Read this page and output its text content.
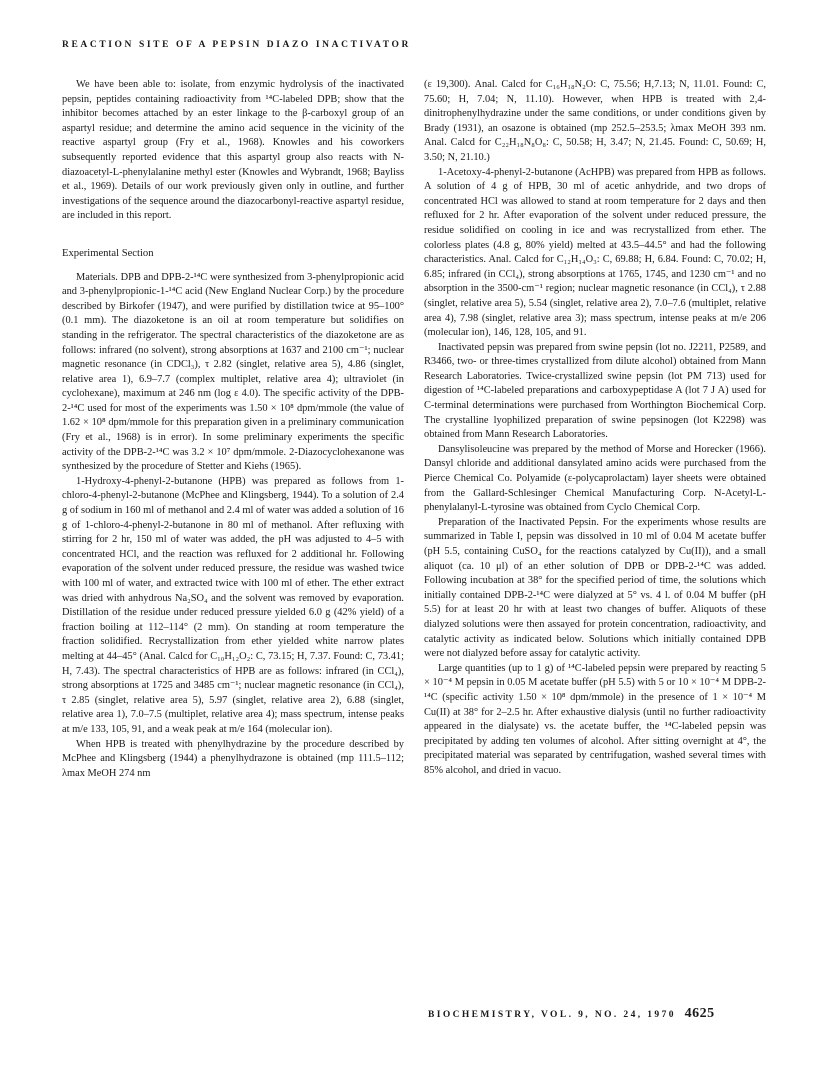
REACTION SITE OF A PEPSIN DIAZO INACTIVATOR

We have been able to: isolate, from enzymic hydrolysis of the inactivated pepsin, peptides containing radioactivity from ¹⁴C-labeled DPB; show that the inhibitor becomes attached by an ester linkage to the β-carboxyl group of an aspartyl residue; and determine the amino acid sequence in the vicinity of the reactive aspartyl group (Fry et al., 1968). Knowles and his coworkers subsequently reported evidence that this aspartyl group also reacts with N-diazoacetyl-L-phenylalanine methyl ester (Knowles and Wybrandt, 1968; Bayliss et al., 1969). Details of our work previously given only in outline, and further investigations of the sequence around the diazocarbonyl-reactive aspartyl residue, are included in this report.

Experimental Section

Materials. DPB and DPB-2-¹⁴C were synthesized from 3-phenylpropionic acid and 3-phenylpropionic-1-¹⁴C acid (New England Nuclear Corp.) by the procedure described by Birkofer (1947), and were purified by distillation twice at 95–100° (0.1 mm). The diazoketone is an oil at room temperature but solidifies on standing in the refrigerator. The spectral characteristics of the diazoketone are as follows: infrared (no solvent), strong absorptions at 1637 and 2100 cm⁻¹; nuclear magnetic resonance (in CDCl₃), τ 2.82 (singlet, relative area 5), 4.86 (singlet, relative area 1), 6.9–7.7 (complex multiplet, relative area 4); ultraviolet (in cyclohexane), maximum at 246 nm (log ε 4.0). The specific activity of the DPB-2-¹⁴C used for most of the experiments was 1.50 × 10⁸ dpm/mmole (the value of 1.62 × 10⁸ dpm/mmole for this preparation given in a preliminary communication (Fry et al., 1968) is in error). In some preliminary experiments the specific activity of the DPB-2-¹⁴C was 3.2 × 10⁷ dpm/mmole. 2-Diazocyclohexanone was synthesized by the procedure of Stetter and Kiehs (1965).

1-Hydroxy-4-phenyl-2-butanone (HPB) was prepared as follows from 1-chloro-4-phenyl-2-butanone (McPhee and Klingsberg, 1944). To a solution of 2.4 g of sodium in 160 ml of methanol and 2.4 ml of water was added a solution of 16 g of 1-chloro-4-phenyl-2-butanone in 80 ml of methanol. After refluxing with stirring for 2 hr, 150 ml of water was added, the pH was adjusted to 4–5 with concentrated HCl, and the reaction was refluxed for 2 additional hr. Following evaporation of the solvent under reduced pressure, the residue was washed twice with 100 ml of water, and extracted twice with 100 ml of ether. The ether extract was dried with anhydrous Na₂SO₄ and the solvent was removed by evaporation. Distillation of the residue under reduced pressure yielded 6.0 g (42% yield) of a fraction boiling at 112–114° (2 mm). On standing at room temperature the fraction solidified. Recrystallization from ether yielded white narrow plates melting at 44–45° (Anal. Calcd for C₁₀H₁₂O₂: C, 73.15; H, 7.37. Found: C, 73.41; H, 7.43). The spectral characteristics of HPB are as follows: infrared (in CCl₄), strong absorptions at 1725 and 3485 cm⁻¹; nuclear magnetic resonance (in CCl₄), τ 2.85 (singlet, relative area 5), 5.97 (singlet, relative area 2), 6.88 (singlet, relative area 1), 7.0–7.5 (multiplet, relative area 4); mass spectrum, intense peaks at m/e 133, 105, 91, and a weak peak at m/e 164 (molecular ion).

When HPB is treated with phenylhydrazine by the procedure described by McPhee and Klingsberg (1944) a phenylhydrazone is obtained (mp 111.5–112; λmax MeOH 274 nm

(ε 19,300). Anal. Calcd for C₁₆H₁₈N₂O: C, 75.56; H,7.13; N, 11.01. Found: C, 75.60; H, 7.04; N, 11.10). However, when HPB is treated with 2,4-dinitrophenylhydrazine under the same conditions, or under conditions given by Brady (1931), an osazone is obtained (mp 252.5–253.5; λmax MeOH 393 nm. Anal. Calcd for C₂₂H₁₈N₈O₈: C, 50.58; H, 3.47; N, 21.45. Found: C, 50.69; H, 3.50; N, 21.10.)

1-Acetoxy-4-phenyl-2-butanone (AcHPB) was prepared from HPB as follows. A solution of 4 g of HPB, 30 ml of acetic anhydride, and two drops of concentrated HCl was allowed to stand at room temperature for 2 days and then refluxed for 2 hr. After evaporation of the solvent under reduced pressure, the residue solidified on cooling in ice and was recrystallized from ether. The colorless plates (4.8 g, 80% yield) melted at 43.5–44.5° and had the following characteristics. Anal. Calcd for C₁₂H₁₄O₃: C, 69.88; H, 6.84. Found: C, 70.02; H, 6.85; infrared (in CCl₄), strong absorptions at 1765, 1745, and 1230 cm⁻¹ and no absorption in the 3500-cm⁻¹ region; nuclear magnetic resonance (in CCl₄), τ 2.88 (singlet, relative area 5), 5.54 (singlet, relative area 2), 7.0–7.6 (multiplet, relative area 4), 7.98 (singlet, relative area 3); mass spectrum, intense peaks at m/e 206 (molecular ion), 146, 128, 105, and 91.

Inactivated pepsin was prepared from swine pepsin (lot no. J2211, P2589, and R3466, two- or three-times crystallized from dilute alcohol) obtained from Mann Research Laboratories. Twice-crystallized swine pepsin (lot PM 713) used for digestion of ¹⁴C-labeled preparations and carboxypeptidase A (lot 7 J A) used for C-terminal determinations were purchased from Worthington Biochemical Corp. The crystalline lyophilized preparation of swine pepsinogen (lot K2298) was obtained from Mann Research Laboratories.

Dansylisoleucine was prepared by the method of Morse and Horecker (1966). Dansyl chloride and additional dansylated amino acids were purchased from the Pierce Chemical Co. Polyamide (ε-polycaprolactam) layer sheets were obtained from the Gallard-Schlesinger Chemical Manufacturing Corp. N-Acetyl-L-phenylalanyl-L-tyrosine was obtained from Cyclo Chemical Corp.

Preparation of the Inactivated Pepsin. For the experiments whose results are summarized in Table I, pepsin was dissolved in 10 ml of 0.04 M acetate buffer (pH 5.5, containing CuSO₄ for the reactions catalyzed by Cu(II)), and a small aliquot (ca. 10 μl) of an ether solution of DPB or DPB-2-¹⁴C was added. Following incubation at 38° for the specified period of time, the solutions which initially contained DPB-2-¹⁴C were dialyzed at 5° vs. 4 l. of 0.04 M buffer (pH 5.5) for at least 20 hr with at least two changes of buffer. Aliquots of these dialyzed solutions were then assayed for protein concentration, radioactivity, and catalytic activity as indicated below. Solutions which initially contained DPB were not dialyzed before assay for catalytic activity.

Large quantities (up to 1 g) of ¹⁴C-labeled pepsin were prepared by reacting 5 × 10⁻⁴ M pepsin in 0.05 M acetate buffer (pH 5.5) with 5 or 10 × 10⁻⁴ M DPB-2-¹⁴C (specific activity 1.50 × 10⁸ dpm/mmole) in the presence of 1 × 10⁻⁴ M Cu(II) at 38° for 2–2.5 hr. After exhaustive dialysis (until no further radioactivity appeared in the dialysate) vs. the acetate buffer, the ¹⁴C-labeled pepsin was precipitated by adding ten volumes of alcohol. After sitting overnight at 4°, the precipitated material was separated by centrifugation, washed several times with 85% alcohol, and dried in vacuo.

BIOCHEMISTRY, VOL. 9, NO. 24, 1970 4625
